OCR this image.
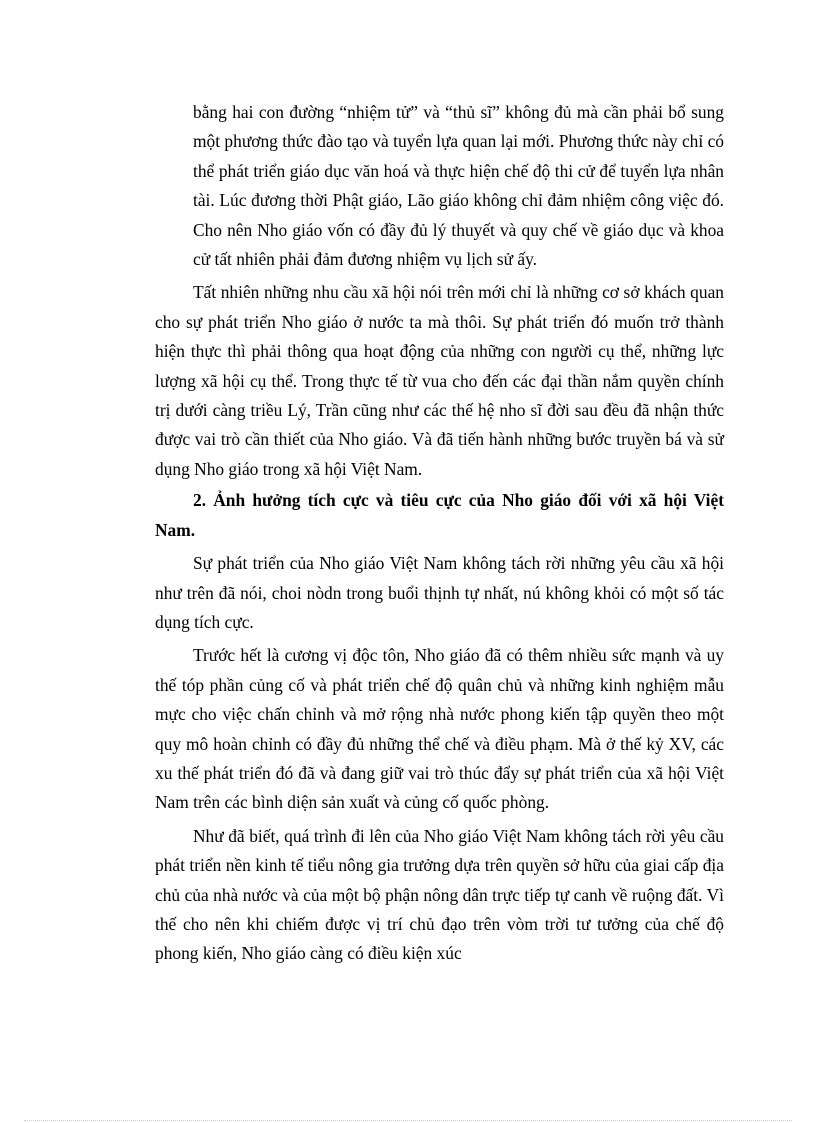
bằng hai con đường “nhiệm tử” và “thủ sĩ” không đủ mà cần phải bổ sung một phương thức đào tạo và tuyển lựa quan lại mới. Phương thức này chỉ có thể phát triển giáo dục văn hoá và thực hiện chế độ thi cử để tuyển lựa nhân tài. Lúc đương thời Phật giáo, Lão giáo không chỉ đảm nhiệm công việc đó. Cho nên Nho giáo vốn có đầy đủ lý thuyết và quy chế về giáo dục và khoa cử tất nhiên phải đảm đương nhiệm vụ lịch sử ấy.

Tất nhiên những nhu cầu xã hội nói trên mới chỉ là những cơ sở khách quan cho sự phát triển Nho giáo ở nước ta mà thôi. Sự phát triển đó muốn trở thành hiện thực thì phải thông qua hoạt động của những con người cụ thể, những lực lượng xã hội cụ thể. Trong thực tế từ vua cho đến các đại thần nắm quyền chính trị dưới càng triều Lý, Trần cũng như các thế hệ nho sĩ đời sau đều đã nhận thức được vai trò cần thiết của Nho giáo. Và đã tiến hành những bước truyền bá và sử dụng Nho giáo trong xã hội Việt Nam.

2. Ảnh hưởng tích cực và tiêu cực của Nho giáo đối với xã hội Việt Nam.

Sự phát triển của Nho giáo Việt Nam không tách rời những yêu cầu xã hội như trên đã nói, choi nòdn trong buổi thịnh tự nhất, nú không khỏi có một số tác dụng tích cực.

Trước hết là cương vị độc tôn, Nho giáo đã có thêm nhiều sức mạnh và uy thế tóp phần củng cố và phát triển chế độ quân chủ và những kinh nghiệm mẫu mực cho việc chấn chỉnh và mở rộng nhà nước phong kiến tập quyền theo một quy mô hoàn chỉnh có đầy đủ những thể chế và điều phạm. Mà ở thế kỷ XV, các xu thế phát triển đó đã và đang giữ vai trò thúc đẩy sự phát triển của xã hội Việt Nam trên các bình diện sản xuất và củng cố quốc phòng.

Như đã biết, quá trình đi lên của Nho giáo Việt Nam không tách rời yêu cầu phát triển nền kinh tế tiểu nông gia trưởng dựa trên quyền sở hữu của giai cấp địa chủ của nhà nước và của một bộ phận nông dân trực tiếp tự canh về ruộng đất. Vì thế cho nên khi chiếm được vị trí chủ đạo trên vòm trời tư tưởng của chế độ phong kiến, Nho giáo càng có điều kiện xúc
